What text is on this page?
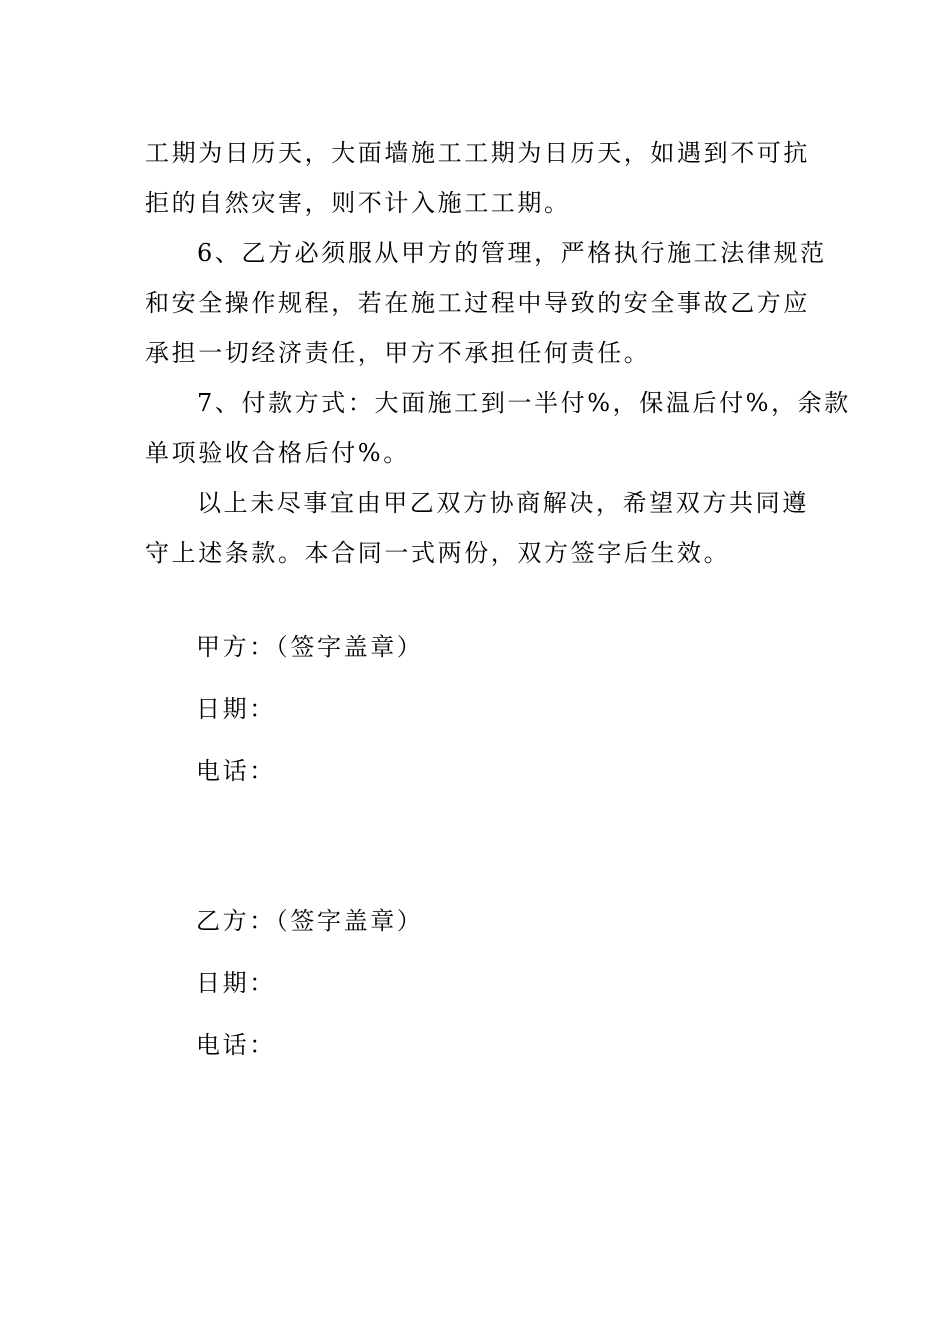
工期为日历天，大面墙施工工期为日历天，如遇到不可抗
拒的自然灾害，则不计入施工工期。

6、乙方必须服从甲方的管理，严格执行施工法律规范
和安全操作规程，若在施工过程中导致的安全事故乙方应
承担一切经济责任，甲方不承担任何责任。

7、付款方式：大面施工到一半付%，保温后付%，余款
单项验收合格后付%。

以上未尽事宜由甲乙双方协商解决，希望双方共同遵
守上述条款。本合同一式两份，双方签字后生效。

甲方：（签字盖章）
日期：
电话：
乙方：（签字盖章）
日期：
电话：
